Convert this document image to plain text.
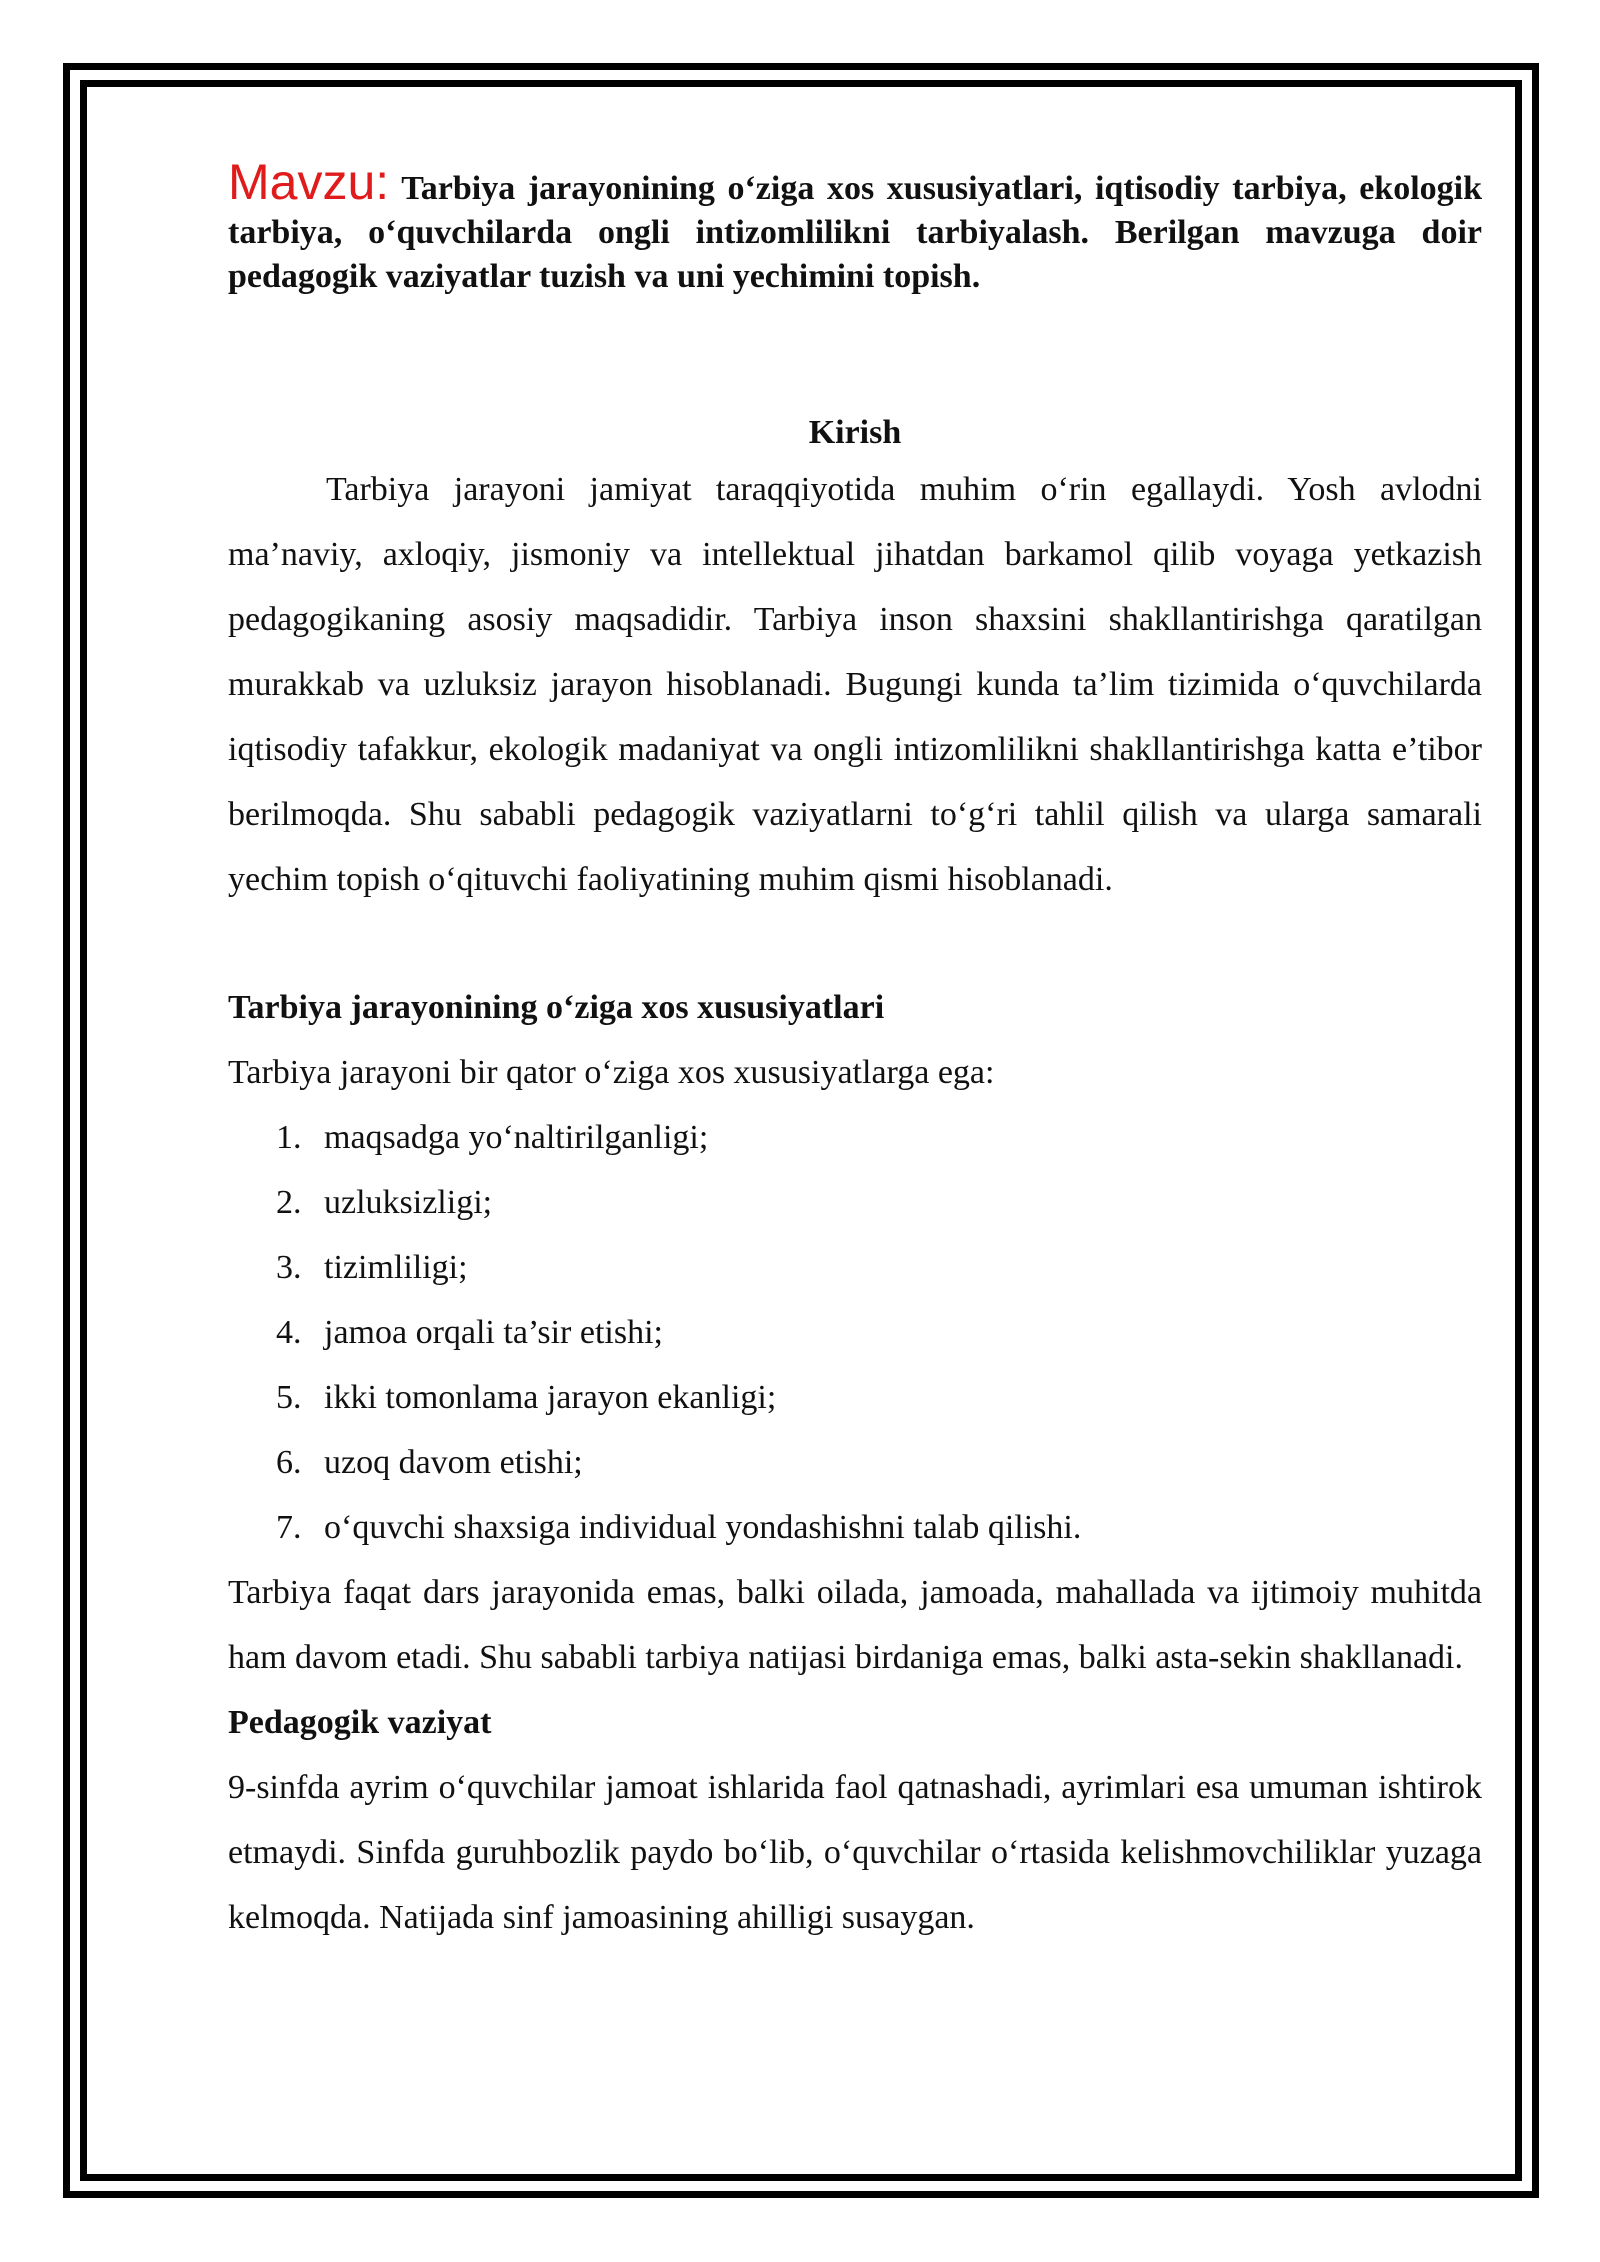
Mavzu: Tarbiya jarayonining o‘ziga xos xususiyatlari, iqtisodiy tarbiya, ekologik tarbiya, o‘quvchilarda ongli intizomlilikni tarbiyalash. Berilgan mavzuga doir pedagogik vaziyatlar tuzish va uni yechimini topish.
Kirish

Tarbiya jarayoni jamiyat taraqqiyotida muhim o‘rin egallaydi. Yosh avlodni ma’naviy, axloqiy, jismoniy va intellektual jihatdan barkamol qilib voyaga yetkazish pedagogikaning asosiy maqsadidir. Tarbiya inson shaxsini shakllantirishga qaratilgan murakkab va uzluksiz jarayon hisoblanadi. Bugungi kunda ta’lim tizimida o‘quvchilarda iqtisodiy tafakkur, ekologik madaniyat va ongli intizomlilikni shakllantirishga katta e’tibor berilmoqda. Shu sababli pedagogik vaziyatlarni to‘g‘ri tahlil qilish va ularga samarali yechim topish o‘qituvchi faoliyatining muhim qismi hisoblanadi.

Tarbiya jarayonining o‘ziga xos xususiyatlari

Tarbiya jarayoni bir qator o‘ziga xos xususiyatlarga ega:

1. maqsadga yo‘naltirilganligi;
2. uzluksizligi;
3. tizimliligi;
4. jamoa orqali ta’sir etishi;
5. ikki tomonlama jarayon ekanligi;
6. uzoq davom etishi;
7. o‘quvchi shaxsiga individual yondashishni talab qilishi.

Tarbiya faqat dars jarayonida emas, balki oilada, jamoada, mahallada va ijtimoiy muhitda ham davom etadi. Shu sababli tarbiya natijasi birdaniga emas, balki asta-sekin shakllanadi.

Pedagogik vaziyat

9-sinfda ayrim o‘quvchilar jamoat ishlarida faol qatnashadi, ayrimlari esa umuman ishtirok etmaydi. Sinfda guruhbozlik paydo bo‘lib, o‘quvchilar o‘rtasida kelishmovchiliklar yuzaga kelmoqda. Natijada sinf jamoasining ahilligi susaygan.
